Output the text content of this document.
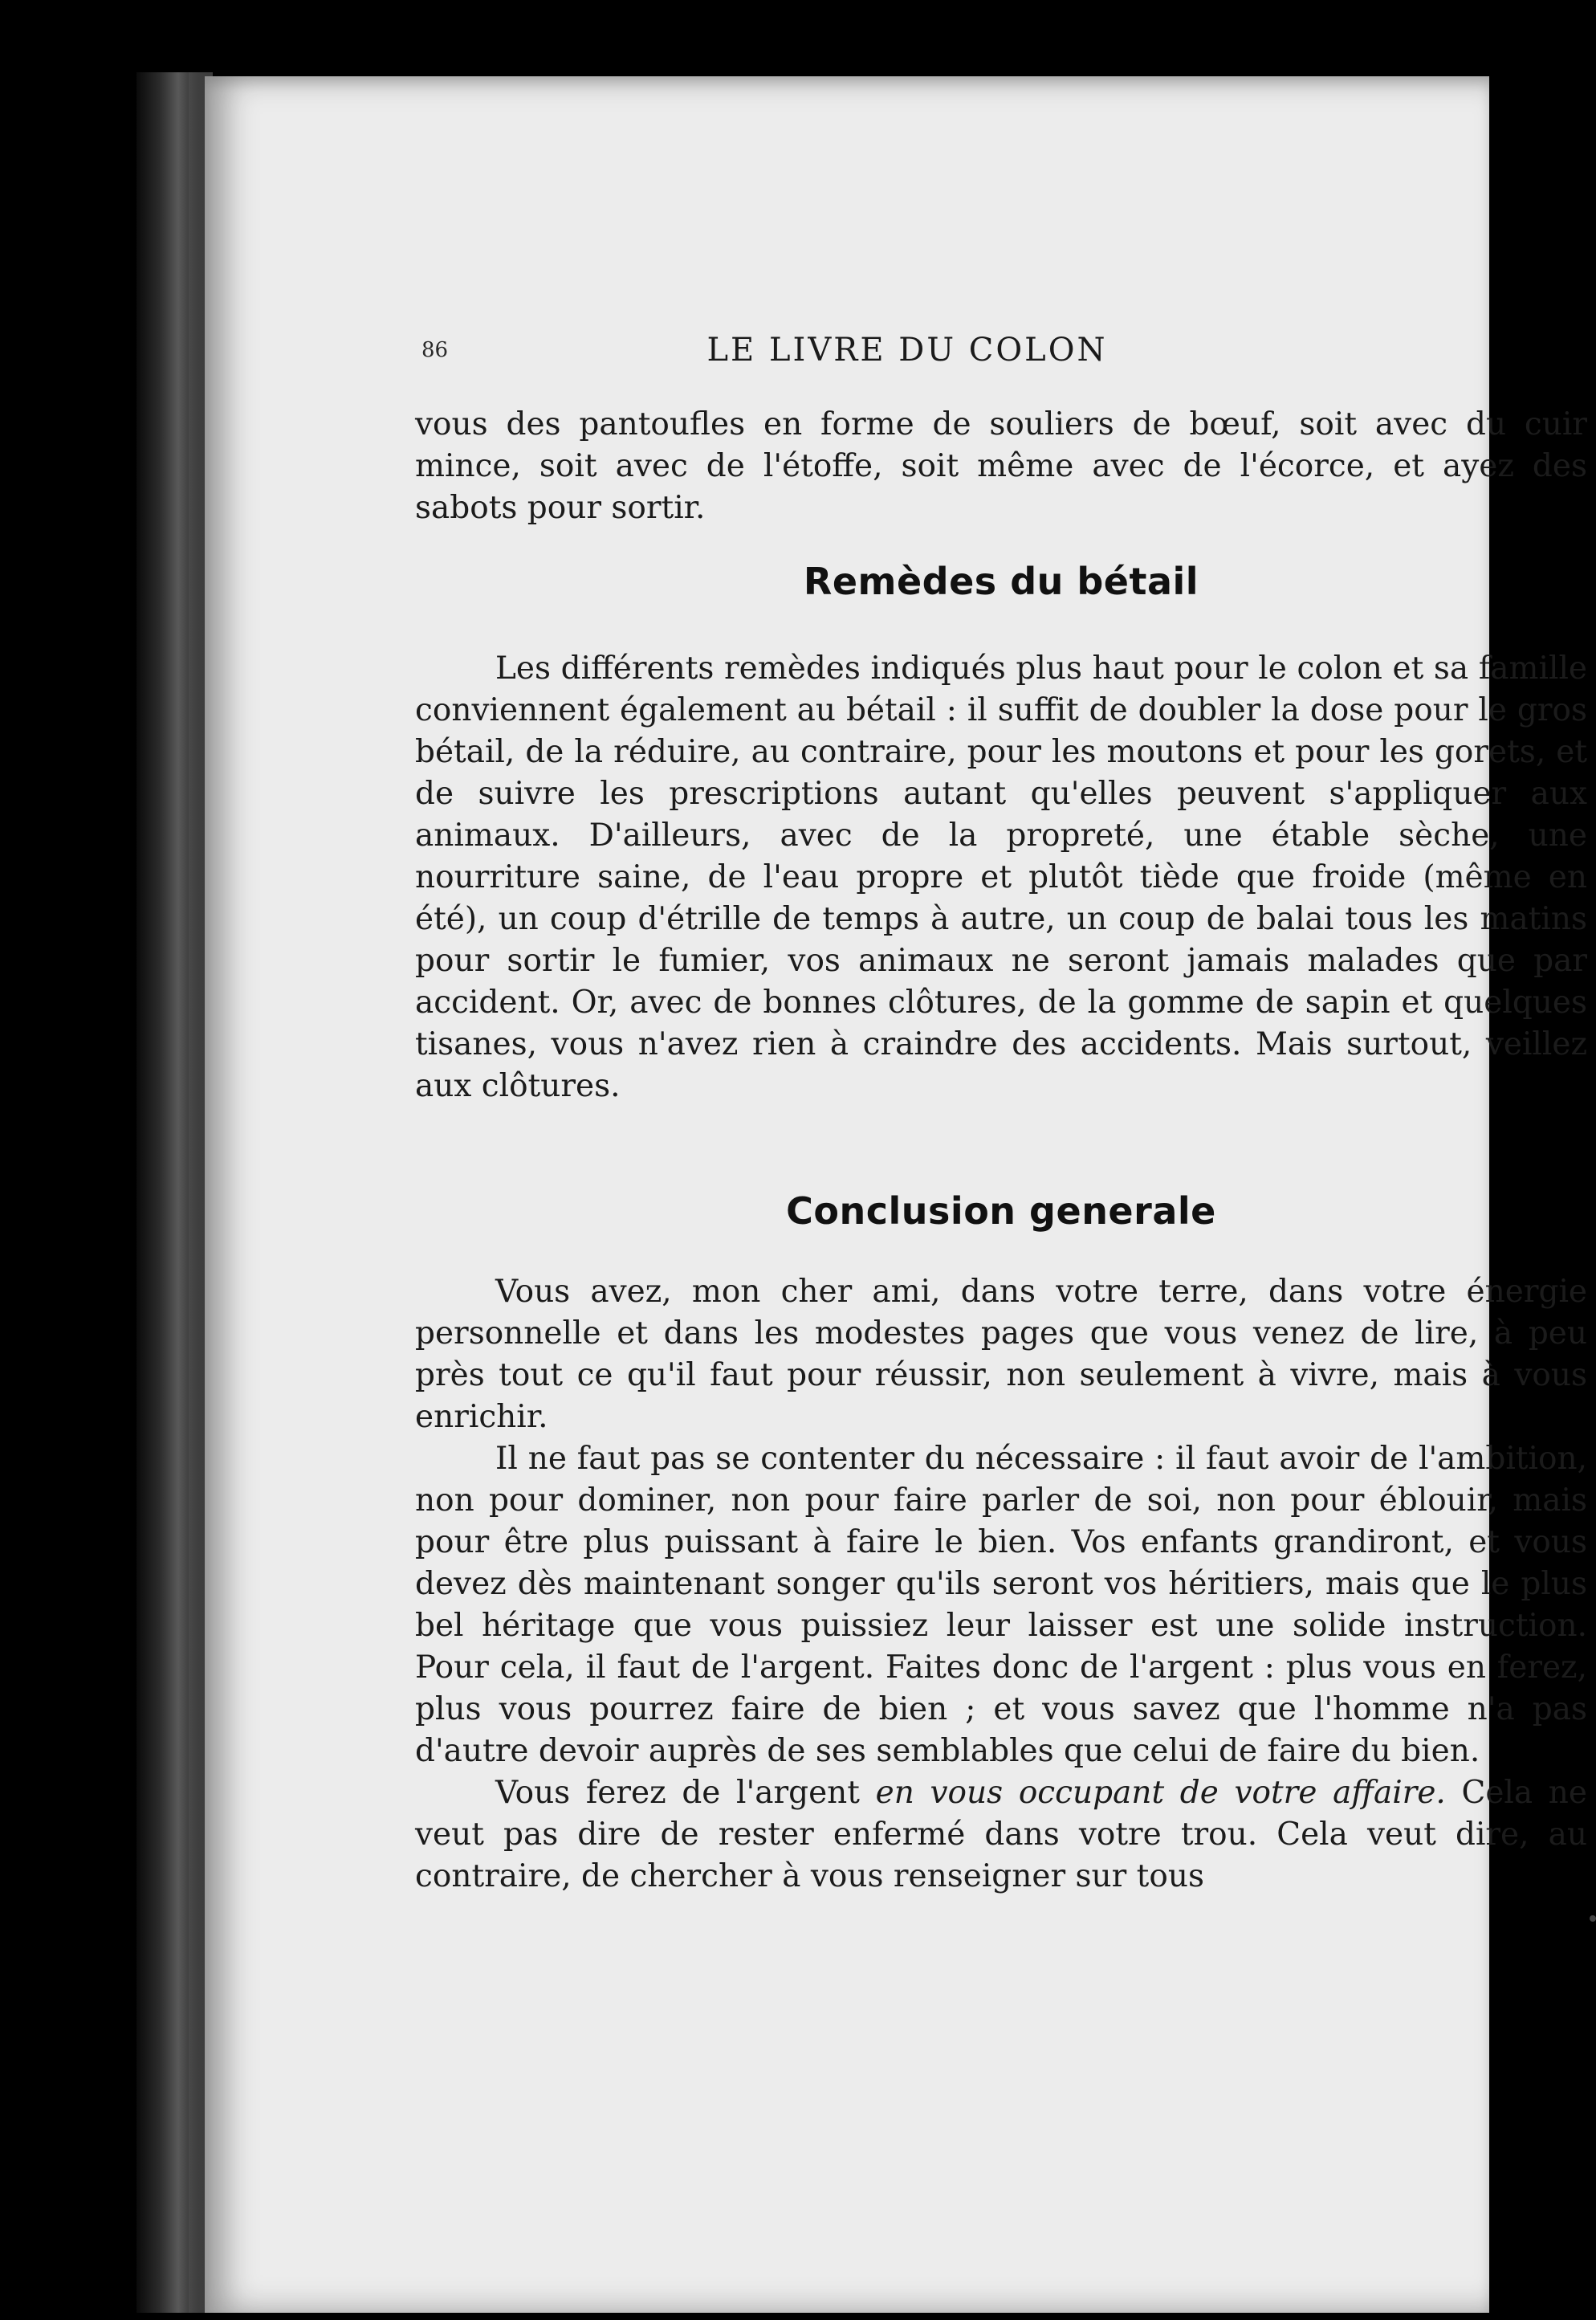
86	LE LIVRE DU COLON

vous des pantoufles en forme de souliers de bœuf, soit avec du cuir mince, soit avec de l'étoffe, soit même avec de l'écorce, et ayez des sabots pour sortir.

Remèdes du bétail

Les différents remèdes indiqués plus haut pour le colon et sa famille conviennent également au bétail : il suffit de doubler la dose pour le gros bétail, de la réduire, au contraire, pour les moutons et pour les gorets, et de suivre les prescriptions autant qu'elles peuvent s'appliquer aux animaux. D'ailleurs, avec de la propreté, une étable sèche, une nourriture saine, de l'eau propre et plutôt tiède que froide (même en été), un coup d'étrille de temps à autre, un coup de balai tous les matins pour sortir le fumier, vos animaux ne seront jamais malades que par accident. Or, avec de bonnes clôtures, de la gomme de sapin et quelques tisanes, vous n'avez rien à craindre des accidents. Mais surtout, veillez aux clôtures.

Conclusion generale

Vous avez, mon cher ami, dans votre terre, dans votre énergie personnelle et dans les modestes pages que vous venez de lire, à peu près tout ce qu'il faut pour réussir, non seulement à vivre, mais à vous enrichir.

Il ne faut pas se contenter du nécessaire : il faut avoir de l'ambition, non pour dominer, non pour faire parler de soi, non pour éblouir, mais pour être plus puissant à faire le bien. Vos enfants grandiront, et vous devez dès maintenant songer qu'ils seront vos héritiers, mais que le plus bel héritage que vous puissiez leur laisser est une solide instruction. Pour cela, il faut de l'argent. Faites donc de l'argent : plus vous en ferez, plus vous pourrez faire de bien ; et vous savez que l'homme n'a pas d'autre devoir auprès de ses semblables que celui de faire du bien.

Vous ferez de l'argent en vous occupant de votre affaire. Cela ne veut pas dire de rester enfermé dans votre trou. Cela veut dire, au contraire, de chercher à vous renseigner sur tous
